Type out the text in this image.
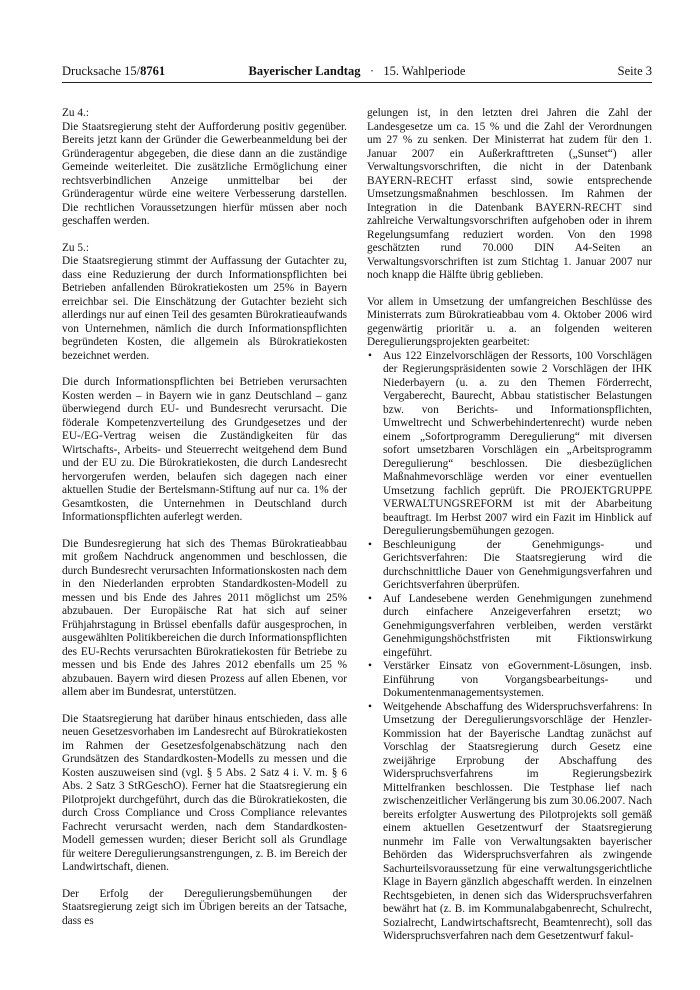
Drucksache 15/8761	Bayerischer Landtag · 15. Wahlperiode	Seite 3

Zu 4.:

Die Staatsregierung steht der Aufforderung positiv gegenüber. Bereits jetzt kann der Gründer die Gewerbeanmeldung bei der Gründeragentur abgegeben, die diese dann an die zuständige Gemeinde weiterleitet. Die zusätzliche Ermöglichung einer rechtsverbindlichen Anzeige unmittelbar bei der Gründeragentur würde eine weitere Verbesserung darstellen. Die rechtlichen Voraussetzungen hierfür müssen aber noch geschaffen werden.

Zu 5.:

Die Staatsregierung stimmt der Auffassung der Gutachter zu, dass eine Reduzierung der durch Informationspflichten bei Betrieben anfallenden Bürokratiekosten um 25% in Bayern erreichbar sei. Die Einschätzung der Gutachter bezieht sich allerdings nur auf einen Teil des gesamten Bürokratieaufwands von Unternehmen, nämlich die durch Informationspflichten begründeten Kosten, die allgemein als Bürokratiekosten bezeichnet werden.

Die durch Informationspflichten bei Betrieben verursachten Kosten werden – in Bayern wie in ganz Deutschland – ganz überwiegend durch EU- und Bundesrecht verursacht. Die föderale Kompetenzverteilung des Grundgesetzes und der EU-/EG-Vertrag weisen die Zuständigkeiten für das Wirtschafts-, Arbeits- und Steuerrecht weitgehend dem Bund und der EU zu. Die Bürokratiekosten, die durch Landesrecht hervorgerufen werden, belaufen sich dagegen nach einer aktuellen Studie der Bertelsmann-Stiftung auf nur ca. 1% der Gesamtkosten, die Unternehmen in Deutschland durch Informationspflichten auferlegt werden.

Die Bundesregierung hat sich des Themas Bürokratieabbau mit großem Nachdruck angenommen und beschlossen, die durch Bundesrecht verursachten Informationskosten nach dem in den Niederlanden erprobten Standardkosten-Modell zu messen und bis Ende des Jahres 2011 möglichst um 25% abzubauen. Der Europäische Rat hat sich auf seiner Frühjahrstagung in Brüssel ebenfalls dafür ausgesprochen, in ausgewählten Politikbereichen die durch Informationspflichten des EU-Rechts verursachten Bürokratiekosten für Betriebe zu messen und bis Ende des Jahres 2012 ebenfalls um 25 % abzubauen. Bayern wird diesen Prozess auf allen Ebenen, vor allem aber im Bundesrat, unterstützen.

Die Staatsregierung hat darüber hinaus entschieden, dass alle neuen Gesetzesvorhaben im Landesrecht auf Bürokratiekosten im Rahmen der Gesetzesfolgenabschätzung nach den Grundsätzen des Standardkosten-Modells zu messen und die Kosten auszuweisen sind (vgl. § 5 Abs. 2 Satz 4 i. V. m. § 6 Abs. 2 Satz 3 StRGeschO). Ferner hat die Staatsregierung ein Pilotprojekt durchgeführt, durch das die Bürokratiekosten, die durch Cross Compliance und Cross Compliance relevantes Fachrecht verursacht werden, nach dem Standardkosten-Modell gemessen wurden; dieser Bericht soll als Grundlage für weitere Deregulierungsanstrengungen, z. B. im Bereich der Landwirtschaft, dienen.

Der Erfolg der Deregulierungsbemühungen der Staatsregierung zeigt sich im Übrigen bereits an der Tatsache, dass es

gelungen ist, in den letzten drei Jahren die Zahl der Landesgesetze um ca. 15 % und die Zahl der Verordnungen um 27 % zu senken. Der Ministerrat hat zudem für den 1. Januar 2007 ein Außerkrafttreten („Sunset“) aller Verwaltungsvorschriften, die nicht in der Datenbank BAYERN-RECHT erfasst sind, sowie entsprechende Umsetzungsmaßnahmen beschlossen. Im Rahmen der Integration in die Datenbank BAYERN-RECHT sind zahlreiche Verwaltungsvorschriften aufgehoben oder in ihrem Regelungsumfang reduziert worden. Von den 1998 geschätzten rund 70.000 DIN A4-Seiten an Verwaltungsvorschriften ist zum Stichtag 1. Januar 2007 nur noch knapp die Hälfte übrig geblieben.

Vor allem in Umsetzung der umfangreichen Beschlüsse des Ministerrats zum Bürokratieabbau vom 4. Oktober 2006 wird gegenwärtig prioritär u. a. an folgenden weiteren Deregulierungsprojekten gearbeitet:

• Aus 122 Einzelvorschlägen der Ressorts, 100 Vorschlägen der Regierungspräsidenten sowie 2 Vorschlägen der IHK Niederbayern (u. a. zu den Themen Förderrecht, Vergaberecht, Baurecht, Abbau statistischer Belastungen bzw. von Berichts- und Informationspflichten, Umweltrecht und Schwerbehindertenrecht) wurde neben einem „Sofortprogramm Deregulierung“ mit diversen sofort umsetzbaren Vorschlägen ein „Arbeitsprogramm Deregulierung“ beschlossen. Die diesbezüglichen Maßnahmevorschläge werden vor einer eventuellen Umsetzung fachlich geprüft. Die PROJEKTGRUPPE VERWALTUNGSREFORM ist mit der Abarbeitung beauftragt. Im Herbst 2007 wird ein Fazit im Hinblick auf Deregulierungsbemühungen gezogen.
• Beschleunigung der Genehmigungs- und Gerichtsverfahren: Die Staatsregierung wird die durchschnittliche Dauer von Genehmigungsverfahren und Gerichtsverfahren überprüfen.
• Auf Landesebene werden Genehmigungen zunehmend durch einfachere Anzeigeverfahren ersetzt; wo Genehmigungsverfahren verbleiben, werden verstärkt Genehmigungshöchstfristen mit Fiktionswirkung eingeführt.
• Verstärker Einsatz von eGovernment-Lösungen, insb. Einführung von Vorgangsbearbeitungs- und Dokumentenmanagementsystemen.
• Weitgehende Abschaffung des Widerspruchsverfahrens: In Umsetzung der Deregulierungsvorschläge der Henzler-Kommission hat der Bayerische Landtag zunächst auf Vorschlag der Staatsregierung durch Gesetz eine zweijährige Erprobung der Abschaffung des Widerspruchsverfahrens im Regierungsbezirk Mittelfranken beschlossen. Die Testphase lief nach zwischenzeitlicher Verlängerung bis zum 30.06.2007. Nach bereits erfolgter Auswertung des Pilotprojekts soll gemäß einem aktuellen Gesetzentwurf der Staatsregierung nunmehr im Falle von Verwaltungsakten bayerischer Behörden das Widerspruchsverfahren als zwingende Sachurteilsvoraussetzung für eine verwaltungsgerichtliche Klage in Bayern gänzlich abgeschafft werden. In einzelnen Rechtsgebieten, in denen sich das Widerspruchsverfahren bewährt hat (z. B. im Kommunalabgabenrecht, Schulrecht, Sozialrecht, Landwirtschaftsrecht, Beamtenrecht), soll das Widerspruchsverfahren nach dem Gesetzentwurf fakul-
